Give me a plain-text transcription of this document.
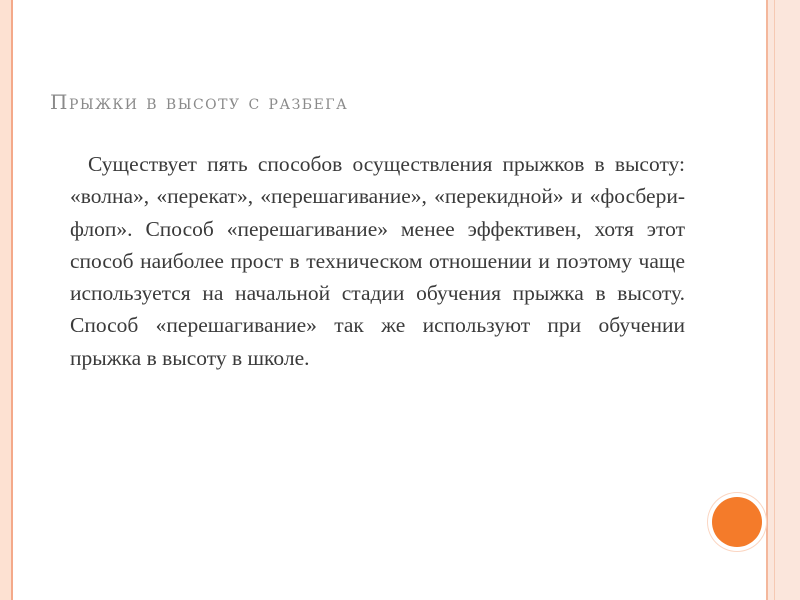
Прыжки в высоту с разбега
Существует пять способов осуществления прыжков в высоту: «волна», «перекат», «перешагивание», «перекидной» и «фосбери-флоп». Способ «перешагивание» менее эффективен, хотя этот способ наиболее прост в техническом отношении и поэтому чаще используется на начальной стадии обучения прыжка в высоту. Способ «перешагивание» так же используют при обучении прыжка в высоту в школе.
